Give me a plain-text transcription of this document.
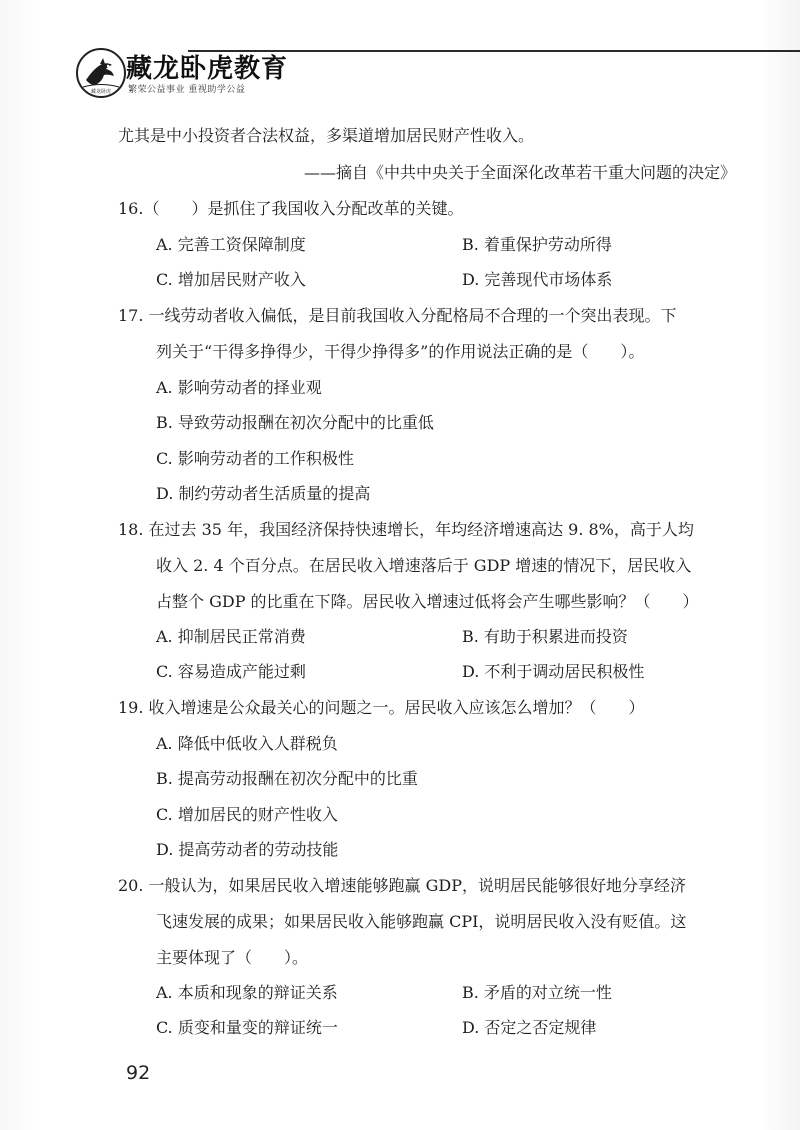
藏龙卧虎
藏龙卧虎教育
繁荣公益事业 重视助学公益
尤其是中小投资者合法权益，多渠道增加居民财产性收入。
——摘自《中共中央关于全面深化改革若干重大问题的决定》
16.（　　）是抓住了我国收入分配改革的关键。
A. 完善工资保障制度	B. 着重保护劳动所得
C. 增加居民财产收入	D. 完善现代市场体系
17. 一线劳动者收入偏低，是目前我国收入分配格局不合理的一个突出表现。下
列关于“干得多挣得少，干得少挣得多”的作用说法正确的是（　　）。
A. 影响劳动者的择业观
B. 导致劳动报酬在初次分配中的比重低
C. 影响劳动者的工作积极性
D. 制约劳动者生活质量的提高
18. 在过去 35 年，我国经济保持快速增长，年均经济增速高达 9. 8%，高于人均
收入 2. 4 个百分点。在居民收入增速落后于 GDP 增速的情况下，居民收入
占整个 GDP 的比重在下降。居民收入增速过低将会产生哪些影响？（　　）
A. 抑制居民正常消费	B. 有助于积累进而投资
C. 容易造成产能过剩	D. 不利于调动居民积极性
19. 收入增速是公众最关心的问题之一。居民收入应该怎么增加？（　　）
A. 降低中低收入人群税负
B. 提高劳动报酬在初次分配中的比重
C. 增加居民的财产性收入
D. 提高劳动者的劳动技能
20. 一般认为，如果居民收入增速能够跑赢 GDP，说明居民能够很好地分享经济
飞速发展的成果；如果居民收入能够跑赢 CPI，说明居民收入没有贬值。这
主要体现了（　　）。
A. 本质和现象的辩证关系	B. 矛盾的对立统一性
C. 质变和量变的辩证统一	D. 否定之否定规律
92
